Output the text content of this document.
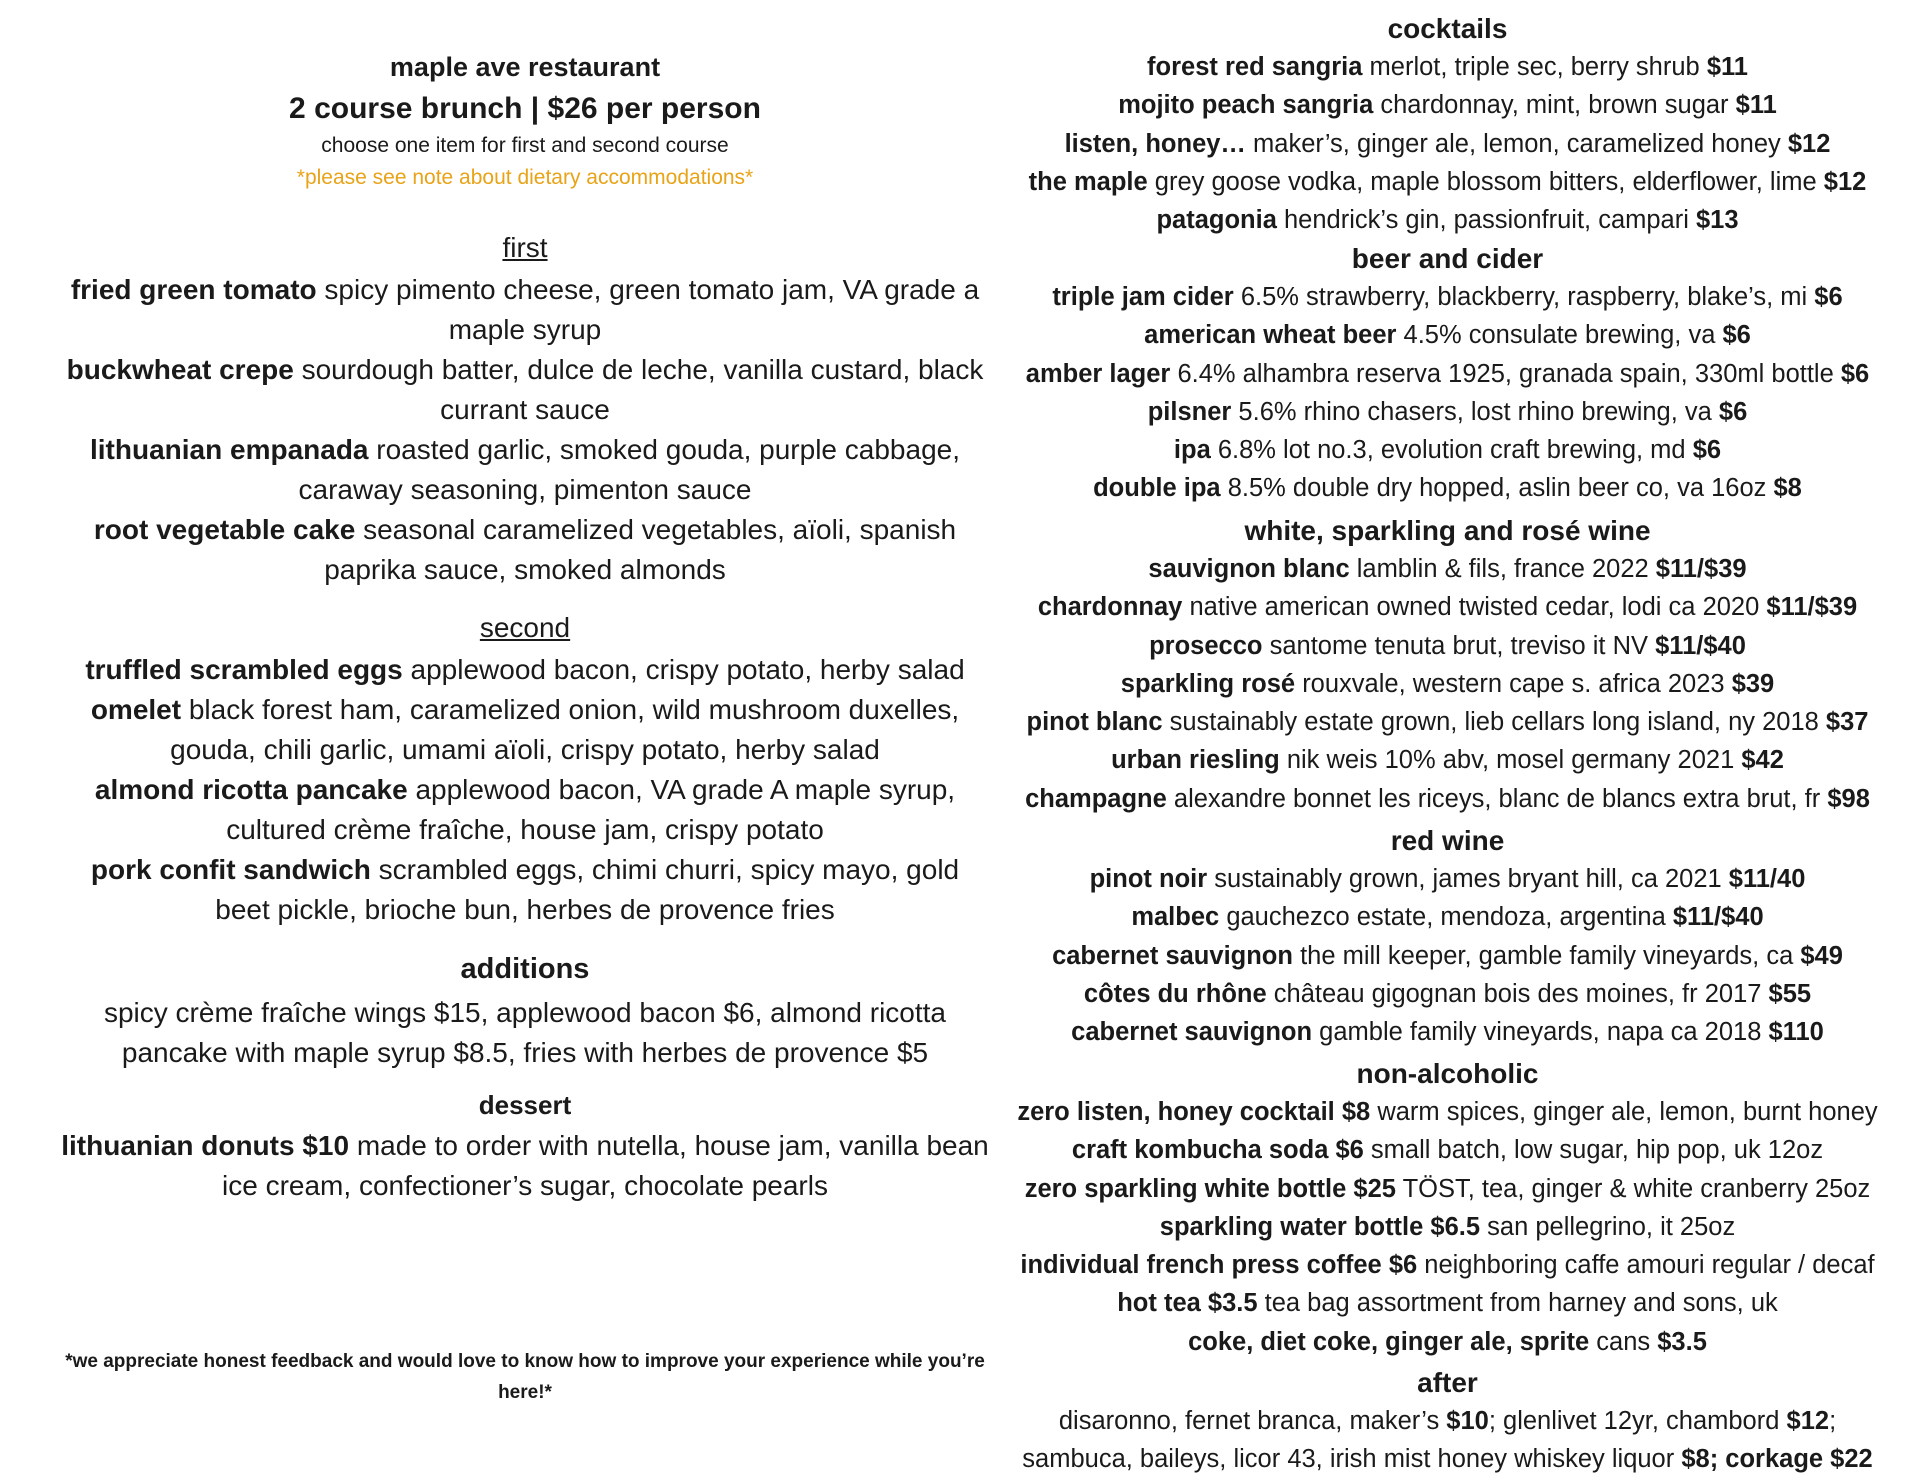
maple ave restaurant
2 course brunch | $26 per person
choose one item for first and second course
*please see note about dietary accommodations*
first
fried green tomato spicy pimento cheese, green tomato jam, VA grade a maple syrup
buckwheat crepe sourdough batter, dulce de leche, vanilla custard, black currant sauce
lithuanian empanada roasted garlic, smoked gouda, purple cabbage, caraway seasoning, pimenton sauce
root vegetable cake seasonal caramelized vegetables, aïoli, spanish paprika sauce, smoked almonds
second
truffled scrambled eggs applewood bacon, crispy potato, herby salad
omelet black forest ham, caramelized onion, wild mushroom duxelles, gouda, chili garlic, umami aïoli, crispy potato, herby salad
almond ricotta pancake applewood bacon, VA grade A maple syrup, cultured crème fraîche, house jam, crispy potato
pork confit sandwich scrambled eggs, chimi churri, spicy mayo, gold beet pickle, brioche bun, herbes de provence fries
additions
spicy crème fraîche wings $15, applewood bacon $6, almond ricotta pancake with maple syrup $8.5, fries with herbes de provence $5
dessert
lithuanian donuts $10 made to order with nutella, house jam, vanilla bean ice cream, confectioner’s sugar, chocolate pearls
*we appreciate honest feedback and would love to know how to improve your experience while you’re here!*
cocktails
forest red sangria merlot, triple sec, berry shrub $11
mojito peach sangria chardonnay, mint, brown sugar $11
listen, honey… maker’s, ginger ale, lemon, caramelized honey $12
the maple grey goose vodka, maple blossom bitters, elderflower, lime $12
patagonia hendrick’s gin, passionfruit, campari $13
beer and cider
triple jam cider 6.5% strawberry, blackberry, raspberry, blake’s, mi $6
american wheat beer 4.5% consulate brewing, va $6
amber lager 6.4% alhambra reserva 1925, granada spain, 330ml bottle $6
pilsner 5.6% rhino chasers, lost rhino brewing, va $6
ipa 6.8% lot no.3, evolution craft brewing, md $6
double ipa 8.5% double dry hopped, aslin beer co, va 16oz $8
white, sparkling and rosé wine
sauvignon blanc lamblin & fils, france 2022 $11/$39
chardonnay native american owned twisted cedar, lodi ca 2020 $11/$39
prosecco santome tenuta brut, treviso it NV $11/$40
sparkling rosé rouxvale, western cape s. africa 2023 $39
pinot blanc sustainably estate grown, lieb cellars long island, ny 2018 $37
urban riesling nik weis 10% abv, mosel germany 2021 $42
champagne alexandre bonnet les riceys, blanc de blancs extra brut, fr $98
red wine
pinot noir sustainably grown, james bryant hill, ca 2021 $11/40
malbec gauchezco estate, mendoza, argentina $11/$40
cabernet sauvignon the mill keeper, gamble family vineyards, ca $49
côtes du rhône château gigognan bois des moines, fr 2017 $55
cabernet sauvignon gamble family vineyards, napa ca 2018 $110
non-alcoholic
zero listen, honey cocktail $8 warm spices, ginger ale, lemon, burnt honey
craft kombucha soda $6 small batch, low sugar, hip pop, uk 12oz
zero sparkling white bottle $25 TÖST, tea, ginger & white cranberry 25oz
sparkling water bottle $6.5 san pellegrino, it 25oz
individual french press coffee $6 neighboring caffe amouri regular / decaf
hot tea $3.5 tea bag assortment from harney and sons, uk
coke, diet coke, ginger ale, sprite cans $3.5
after
disaronno, fernet branca, maker’s $10; glenlivet 12yr, chambord $12;
sambuca, baileys, licor 43, irish mist honey whiskey liquor $8; corkage $22
